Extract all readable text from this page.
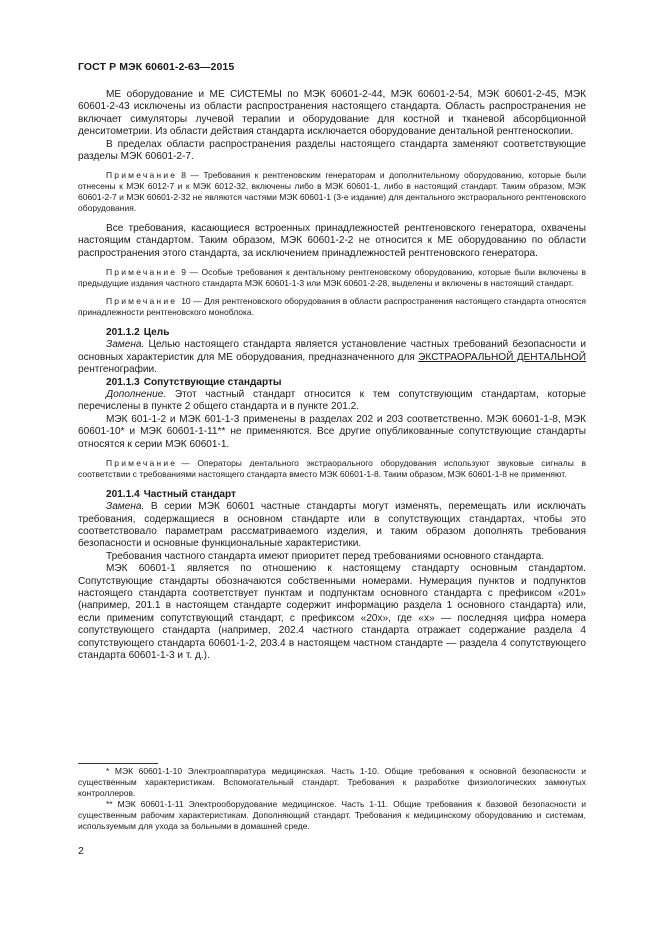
ГОСТ Р МЭК 60601-2-63—2015

МЕ оборудование и МЕ СИСТЕМЫ по МЭК 60601-2-44, МЭК 60601-2-54, МЭК 60601-2-45, МЭК 60601-2-43 исключены из области распространения настоящего стандарта. Область распространения не включает симуляторы лучевой терапии и оборудование для костной и тканевой абсорбционной денситометрии. Из области действия стандарта исключается оборудование дентальной рентгеноскопии.

В пределах области распространения разделы настоящего стандарта заменяют соответствующие разделы МЭК 60601-2-7.

Примечание 8 — Требования к рентгеновским генераторам и дополнительному оборудованию, которые были отнесены к МЭК 6012-7 и к МЭК 6012-32, включены либо в МЭК 60601-1, либо в настоящий стандарт. Таким образом, МЭК 60601-2-7 и МЭК 60601-2-32 не являются частями МЭК 60601-1 (3-е издание) для дентального экстраорального рентгеновского оборудования.

Все требования, касающиеся встроенных принадлежностей рентгеновского генератора, охвачены настоящим стандартом. Таким образом, МЭК 60601-2-2 не относится к МЕ оборудованию по области распространения этого стандарта, за исключением принадлежностей рентгеновского генератора.

Примечание 9 — Особые требования к дентальному рентгеновскому оборудованию, которые были включены в предыдущие издания частного стандарта МЭК 60601-1-3 или МЭК 60601-2-28, выделены и включены в настоящий стандарт.

Примечание 10 — Для рентгеновского оборудования в области распространения настоящего стандарта относятся принадлежности рентгеновского моноблока.

201.1.2 Цель

Замена. Целью настоящего стандарта является установление частных требований безопасности и основных характеристик для МЕ оборудования, предназначенного для ЭКСТРАОРАЛЬНОЙ ДЕНТАЛЬНОЙ рентгенографии.

201.1.3 Сопутствующие стандарты

Дополнение. Этот частный стандарт относится к тем сопутствующим стандартам, которые перечислены в пункте 2 общего стандарта и в пункте 201.2.

МЭК 601-1-2 и МЭК 601-1-3 применены в разделах 202 и 203 соответственно. МЭК 60601-1-8, МЭК 60601-10* и МЭК 60601-1-11** не применяются. Все другие опубликованные сопутствующие стандарты относятся к серии МЭК 60601-1.

Примечание — Операторы дентального экстраорального оборудования используют звуковые сигналы в соответствии с требованиями настоящего стандарта вместо МЭК 60601-1-8. Таким образом, МЭК 60601-1-8 не применяют.

201.1.4 Частный стандарт

Замена. В серии МЭК 60601 частные стандарты могут изменять, перемещать или исключать требования, содержащиеся в основном стандарте или в сопутствующих стандартах, чтобы это соответствовало параметрам рассматриваемого изделия, и таким образом дополнять требования безопасности и основные функциональные характеристики.

Требования частного стандарта имеют приоритет перед требованиями основного стандарта.

МЭК 60601-1 является по отношению к настоящему стандарту основным стандартом. Сопутствующие стандарты обозначаются собственными номерами. Нумерация пунктов и подпунктов настоящего стандарта соответствует пунктам и подпунктам основного стандарта с префиксом «201» (например, 201.1 в настоящем стандарте содержит информацию раздела 1 основного стандарта) или, если применим сопутствующий стандарт, с префиксом «20х», где «х» — последняя цифра номера сопутствующего стандарта (например, 202.4 частного стандарта отражает содержание раздела 4 сопутствующего стандарта 60601-1-2, 203.4 в настоящем частном стандарте — раздела 4 сопутствующего стандарта 60601-1-3 и т. д.).

* МЭК 60601-1-10 Электроаппаратура медицинская. Часть 1-10. Общие требования к основной безопасности и существенным характеристикам. Вспомогательный стандарт. Требования к разработке физиологических замкнутых контроллеров.

** МЭК 60601-1-11 Электрооборудование медицинское. Часть 1-11. Общие требования к базовой безопасности и существенным рабочим характеристикам. Дополняющий стандарт. Требования к медицинскому оборудованию и системам, используемым для ухода за больными в домашней среде.

2
